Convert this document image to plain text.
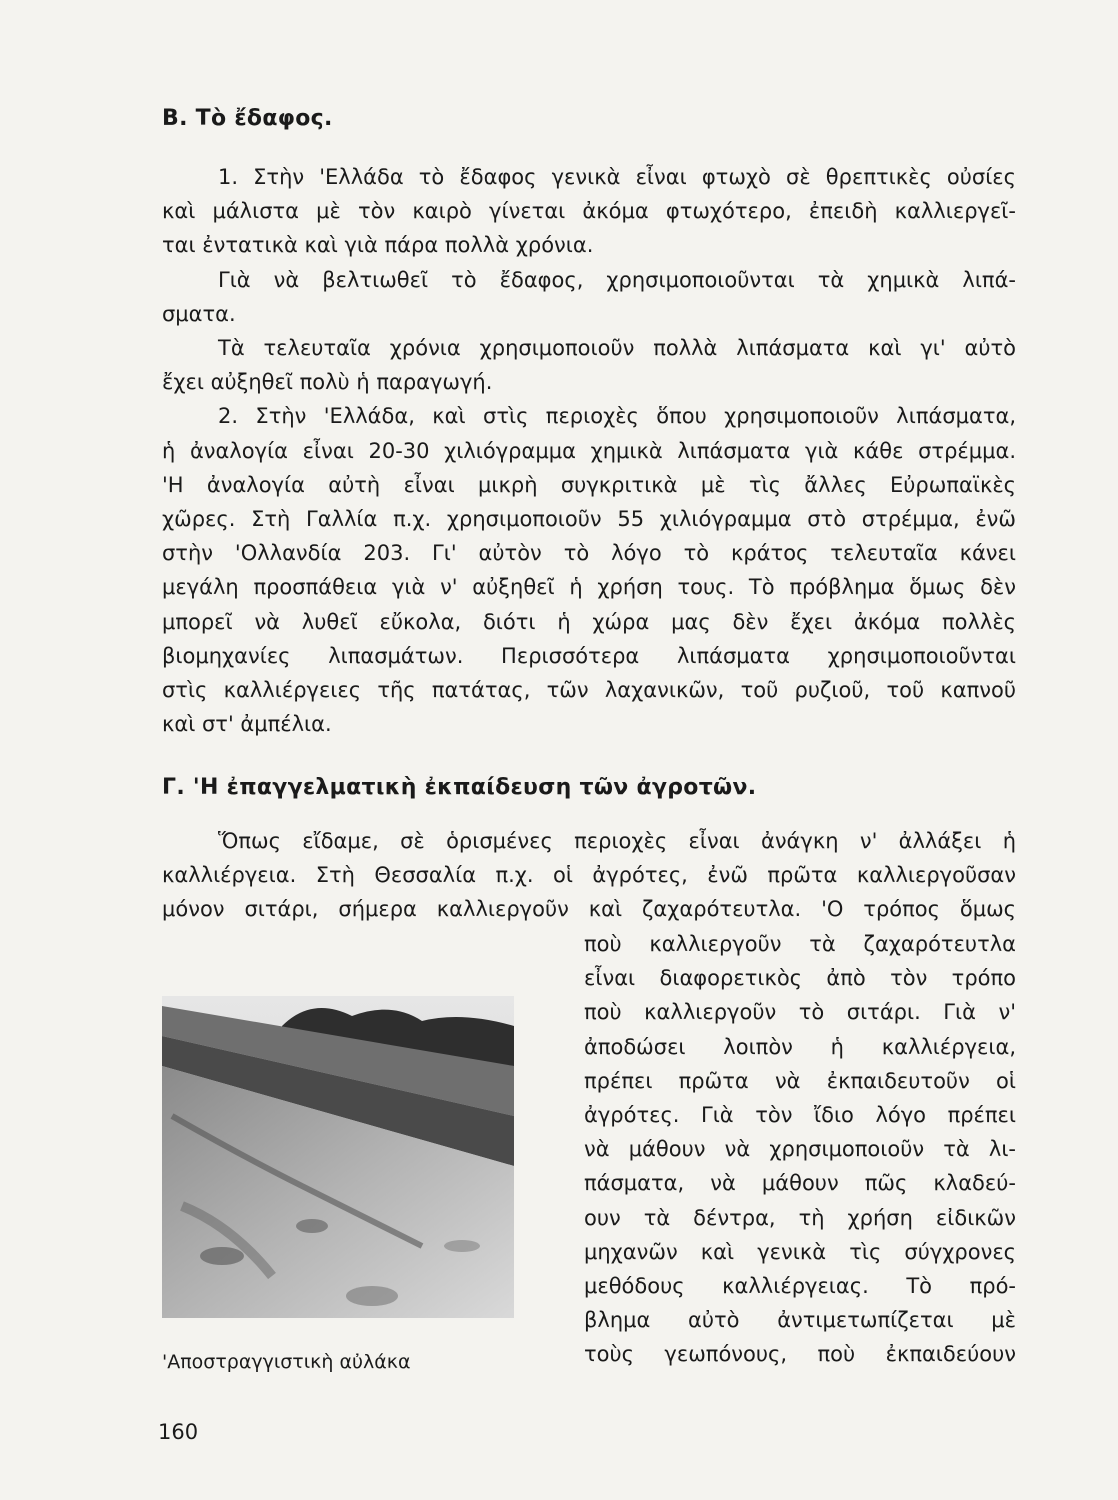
Β. Τὸ ἔδαφος.
1. Στὴν 'Ελλάδα τὸ ἔδαφος γενικὰ εἶναι φτωχὸ σὲ θρεπτικὲς οὐσίες
καὶ μάλιστα μὲ τὸν καιρὸ γίνεται ἀκόμα φτωχότερο, ἐπειδὴ καλλιεργεῖ-
ται ἐντατικὰ καὶ γιὰ πάρα πολλὰ χρόνια.
Γιὰ νὰ βελτιωθεῖ τὸ ἔδαφος, χρησιμοποιοῦνται τὰ χημικὰ λιπά-
σματα.
Τὰ τελευταῖα χρόνια χρησιμοποιοῦν πολλὰ λιπάσματα καὶ γι' αὐτὸ
ἔχει αὐξηθεῖ πολὺ ἡ παραγωγή.
2. Στὴν 'Ελλάδα, καὶ στὶς περιοχὲς ὅπου χρησιμοποιοῦν λιπάσματα,
ἡ ἀναλογία εἶναι 20-30 χιλιόγραμμα χημικὰ λιπάσματα γιὰ κάθε στρέμμα.
'Η ἀναλογία αὐτὴ εἶναι μικρὴ συγκριτικὰ μὲ τὶς ἄλλες Εὐρωπαϊκὲς
χῶρες. Στὴ Γαλλία π.χ. χρησιμοποιοῦν 55 χιλιόγραμμα στὸ στρέμμα, ἐνῶ
στὴν 'Ολλανδία 203. Γι' αὐτὸν τὸ λόγο τὸ κράτος τελευταῖα κάνει
μεγάλη προσπάθεια γιὰ ν' αὐξηθεῖ ἡ χρήση τους. Τὸ πρόβλημα ὅμως δὲν
μπορεῖ νὰ λυθεῖ εὔκολα, διότι ἡ χώρα μας δὲν ἔχει ἀκόμα πολλὲς
βιομηχανίες λιπασμάτων. Περισσότερα λιπάσματα χρησιμοποιοῦνται
στὶς καλλιέργειες τῆς πατάτας, τῶν λαχανικῶν, τοῦ ρυζιοῦ, τοῦ καπνοῦ
καὶ στ' ἀμπέλια.
Γ. 'Η ἐπαγγελματικὴ ἐκπαίδευση τῶν ἀγροτῶν.
Ὅπως εἴδαμε, σὲ ὁρισμένες περιοχὲς εἶναι ἀνάγκη ν' ἀλλάξει ἡ
καλλιέργεια. Στὴ Θεσσαλία π.χ. οἱ ἀγρότες, ἐνῶ πρῶτα καλλιεργοῦσαν
μόνον σιτάρι, σήμερα καλλιεργοῦν καὶ ζαχαρότευτλα. 'Ο τρόπος ὅμως
ποὺ καλλιεργοῦν τὰ ζαχαρότευτλα
εἶναι διαφορετικὸς ἀπὸ τὸν τρόπο
ποὺ καλλιεργοῦν τὸ σιτάρι. Γιὰ ν'
ἀποδώσει λοιπὸν ἡ καλλιέργεια,
πρέπει πρῶτα νὰ ἐκπαιδευτοῦν οἱ
ἀγρότες. Γιὰ τὸν ἴδιο λόγο πρέπει
νὰ μάθουν νὰ χρησιμοποιοῦν τὰ λι-
πάσματα, νὰ μάθουν πῶς κλαδεύ-
ουν τὰ δέντρα, τὴ χρήση εἰδικῶν
μηχανῶν καὶ γενικὰ τὶς σύγχρονες
μεθόδους καλλιέργειας. Τὸ πρό-
βλημα αὐτὸ ἀντιμετωπίζεται μὲ
τοὺς γεωπόνους, ποὺ ἐκπαιδεύουν
'Αποστραγγιστικὴ αὐλάκα
160
